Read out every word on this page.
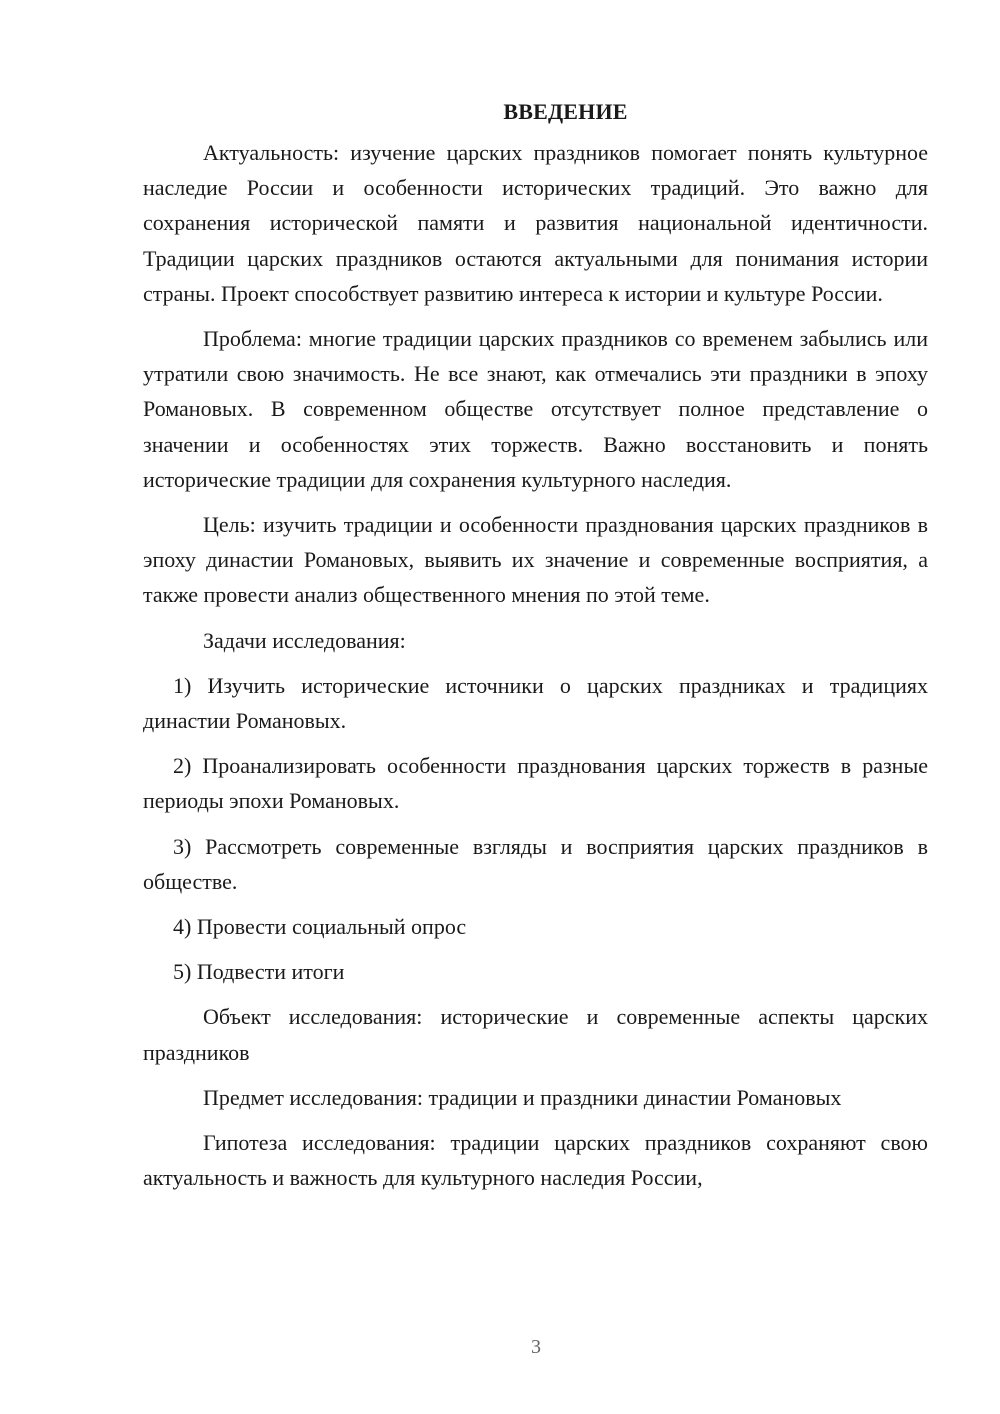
ВВЕДЕНИЕ

Актуальность: изучение царских праздников помогает понять культурное наследие России и особенности исторических традиций. Это важно для сохранения исторической памяти и развития национальной идентичности. Традиции царских праздников остаются актуальными для понимания истории страны. Проект способствует развитию интереса к истории и культуре России.

Проблема: многие традиции царских праздников со временем забылись или утратили свою значимость. Не все знают, как отмечались эти праздники в эпоху Романовых. В современном обществе отсутствует полное представление о значении и особенностях этих торжеств. Важно восстановить и понять исторические традиции для сохранения культурного наследия.

Цель: изучить традиции и особенности празднования царских праздников в эпоху династии Романовых, выявить их значение и современные восприятия, а также провести анализ общественного мнения по этой теме.

Задачи исследования:

1) Изучить исторические источники о царских праздниках и традициях династии Романовых.

2) Проанализировать особенности празднования царских торжеств в разные периоды эпохи Романовых.

3) Рассмотреть современные взгляды и восприятия царских праздников в обществе.

4) Провести социальный опрос

5) Подвести итоги

Объект исследования: исторические и современные аспекты царских праздников

Предмет исследования: традиции и праздники династии Романовых

Гипотеза исследования: традиции царских праздников сохраняют свою актуальность и важность для культурного наследия России,

3
